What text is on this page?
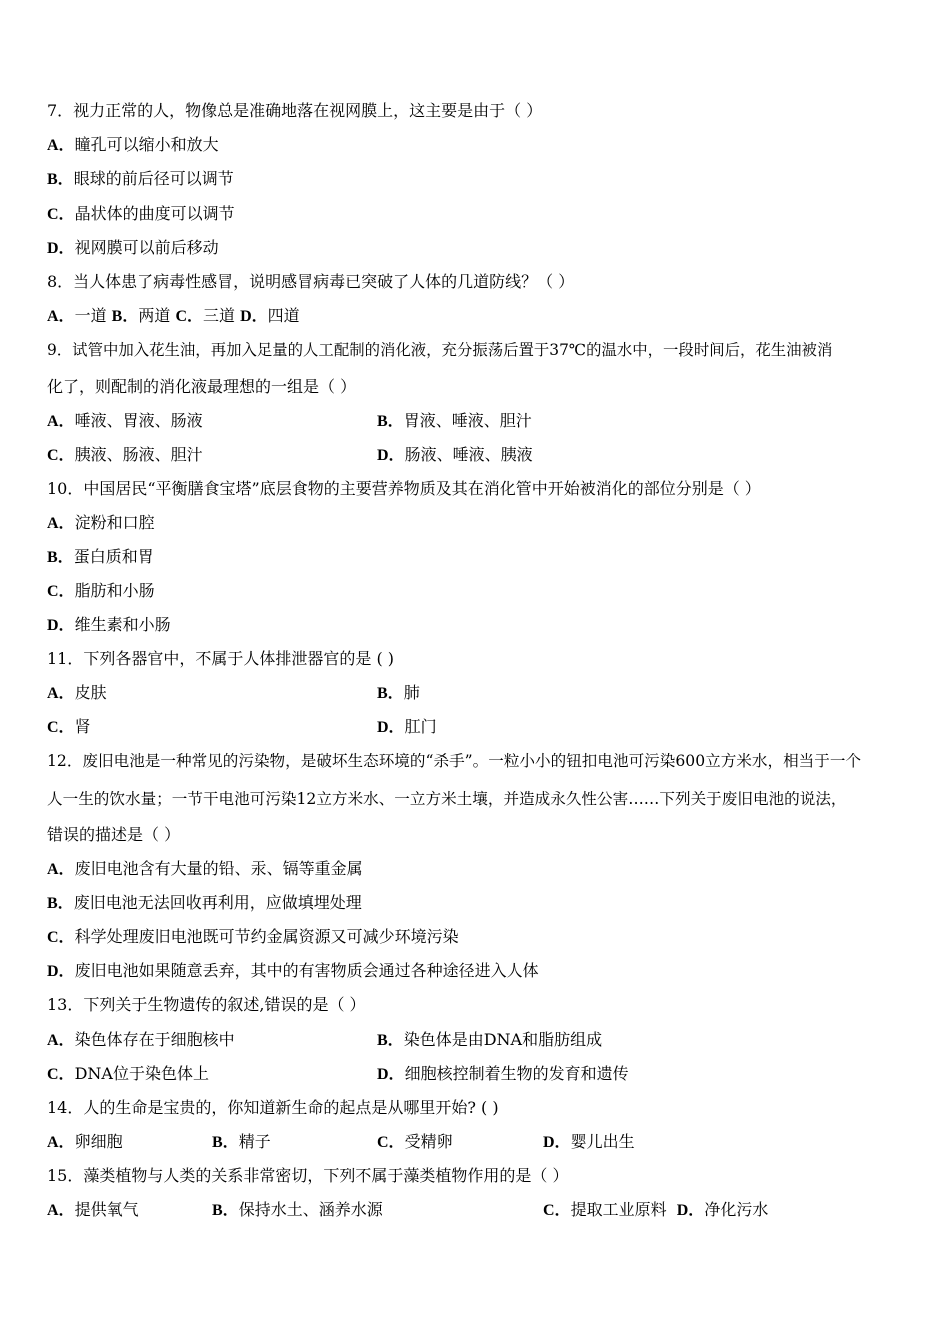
7．视力正常的人，物像总是准确地落在视网膜上，这主要是由于（ ）
A．瞳孔可以缩小和放大
B．眼球的前后径可以调节
C．晶状体的曲度可以调节
D．视网膜可以前后移动
8．当人体患了病毒性感冒，说明感冒病毒已突破了人体的几道防线？（ ）
A．一道 B．两道 C．三道 D．四道
9．试管中加入花生油，再加入足量的人工配制的消化液，充分振荡后置于37℃的温水中，一段时间后，花生油被消
化了，则配制的消化液最理想的一组是（ ）
A．唾液、胃液、肠液	B．胃液、唾液、胆汁
C．胰液、肠液、胆汁	D．肠液、唾液、胰液
10．中国居民“平衡膳食宝塔”底层食物的主要营养物质及其在消化管中开始被消化的部位分别是（ ）
A．淀粉和口腔
B．蛋白质和胃
C．脂肪和小肠
D．维生素和小肠
11．下列各器官中，不属于人体排泄器官的是 ( )
A．皮肤	B．肺
C．肾	D．肛门
12．废旧电池是一种常见的污染物，是破坏生态环境的“杀手”。一粒小小的钮扣电池可污染600立方米水，相当于一个
人一生的饮水量；一节干电池可污染12立方米水、一立方米土壤，并造成永久性公害……下列关于废旧电池的说法，
错误的描述是（ ）
A．废旧电池含有大量的铅、汞、镉等重金属
B．废旧电池无法回收再利用，应做填埋处理
C．科学处理废旧电池既可节约金属资源又可减少环境污染
D．废旧电池如果随意丢弃，其中的有害物质会通过各种途径进入人体
13．下列关于生物遗传的叙述,错误的是（ ）
A．染色体存在于细胞核中	B．染色体是由DNA和脂肪组成
C．DNA位于染色体上	D．细胞核控制着生物的发育和遗传
14．人的生命是宝贵的，你知道新生命的起点是从哪里开始? ( )
A．卵细胞	B．精子	C．受精卵	D．婴儿出生
15．藻类植物与人类的关系非常密切，下列不属于藻类植物作用的是（ ）
A．提供氧气	B．保持水土、涵养水源	C．提取工业原料 D．净化污水
